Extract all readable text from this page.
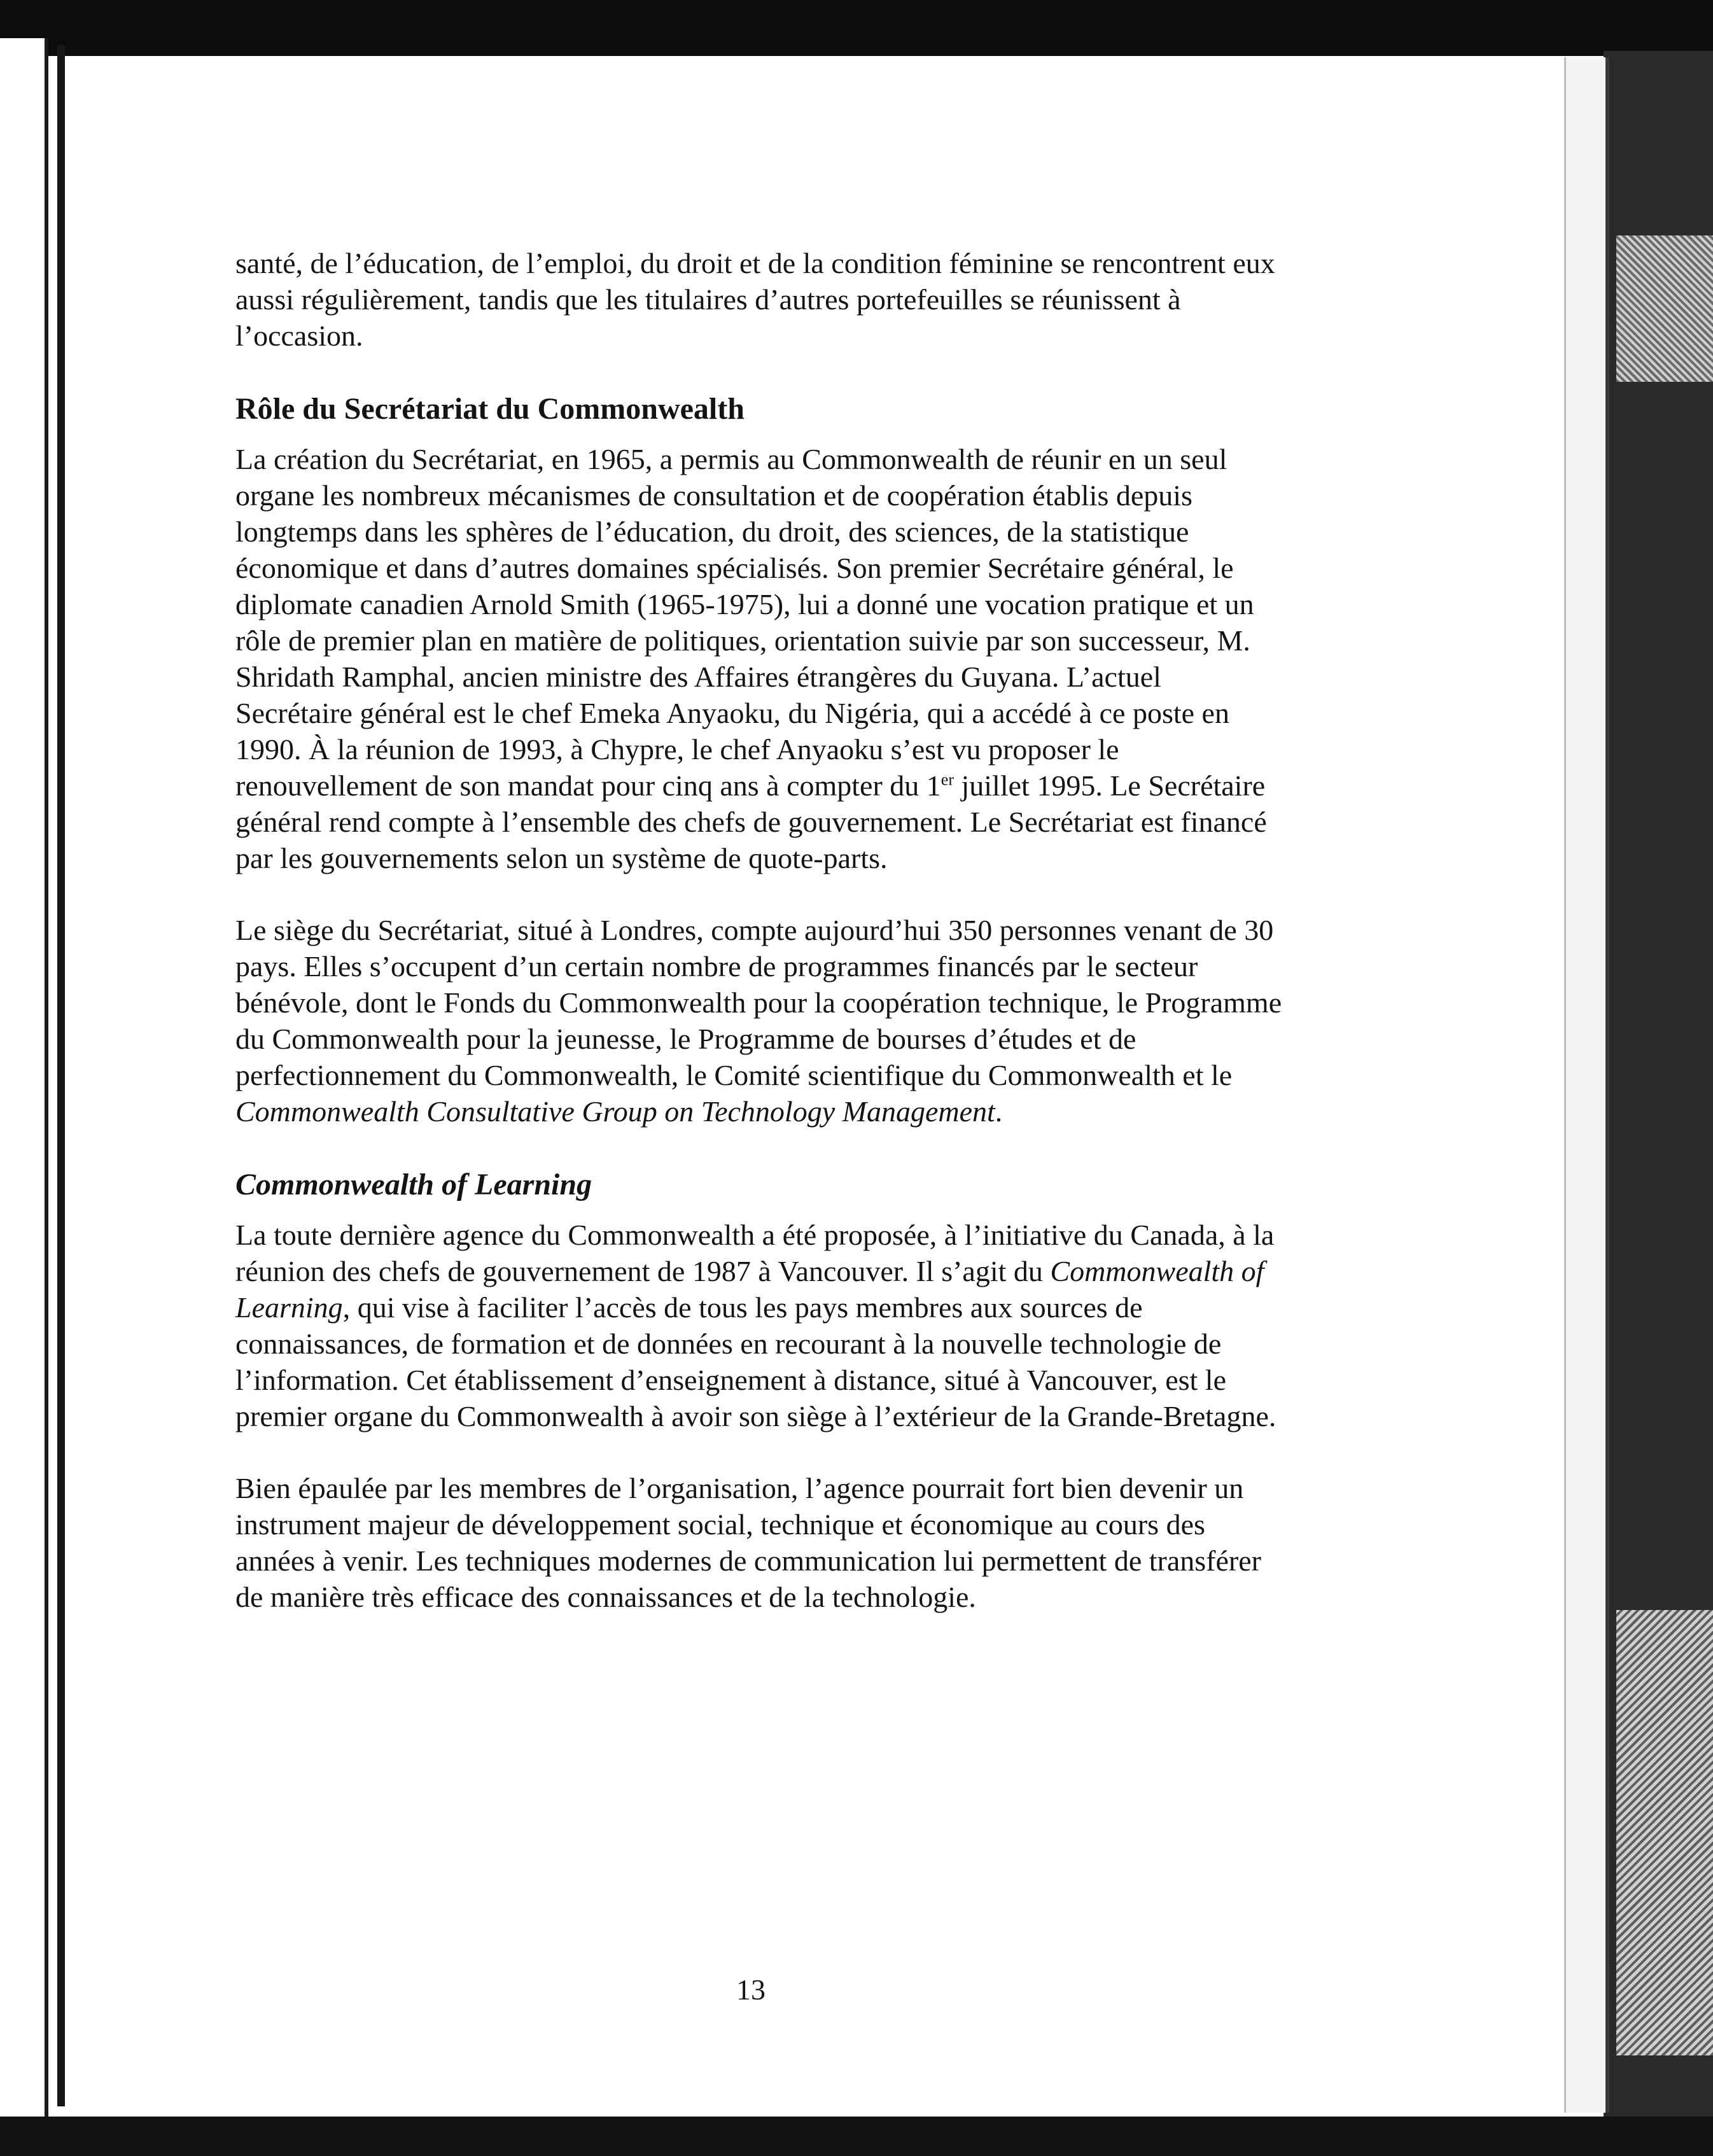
santé, de l’éducation, de l’emploi, du droit et de la condition féminine se rencontrent eux aussi régulièrement, tandis que les titulaires d’autres portefeuilles se réunissent à l’occasion.

Rôle du Secrétariat du Commonwealth

La création du Secrétariat, en 1965, a permis au Commonwealth de réunir en un seul organe les nombreux mécanismes de consultation et de coopération établis depuis longtemps dans les sphères de l’éducation, du droit, des sciences, de la statistique économique et dans d’autres domaines spécialisés. Son premier Secrétaire général, le diplomate canadien Arnold Smith (1965-1975), lui a donné une vocation pratique et un rôle de premier plan en matière de politiques, orientation suivie par son successeur, M. Shridath Ramphal, ancien ministre des Affaires étrangères du Guyana. L’actuel Secrétaire général est le chef Emeka Anyaoku, du Nigéria, qui a accédé à ce poste en 1990. À la réunion de 1993, à Chypre, le chef Anyaoku s’est vu proposer le renouvellement de son mandat pour cinq ans à compter du 1er juillet 1995. Le Secrétaire général rend compte à l’ensemble des chefs de gouvernement. Le Secrétariat est financé par les gouvernements selon un système de quote-parts.

Le siège du Secrétariat, situé à Londres, compte aujourd’hui 350 personnes venant de 30 pays. Elles s’occupent d’un certain nombre de programmes financés par le secteur bénévole, dont le Fonds du Commonwealth pour la coopération technique, le Programme du Commonwealth pour la jeunesse, le Programme de bourses d’études et de perfectionnement du Commonwealth, le Comité scientifique du Commonwealth et le Commonwealth Consultative Group on Technology Management.

Commonwealth of Learning

La toute dernière agence du Commonwealth a été proposée, à l’initiative du Canada, à la réunion des chefs de gouvernement de 1987 à Vancouver. Il s’agit du Commonwealth of Learning, qui vise à faciliter l’accès de tous les pays membres aux sources de connaissances, de formation et de données en recourant à la nouvelle technologie de l’information. Cet établissement d’enseignement à distance, situé à Vancouver, est le premier organe du Commonwealth à avoir son siège à l’extérieur de la Grande-Bretagne.

Bien épaulée par les membres de l’organisation, l’agence pourrait fort bien devenir un instrument majeur de développement social, technique et économique au cours des années à venir. Les techniques modernes de communication lui permettent de transférer de manière très efficace des connaissances et de la technologie.

13
